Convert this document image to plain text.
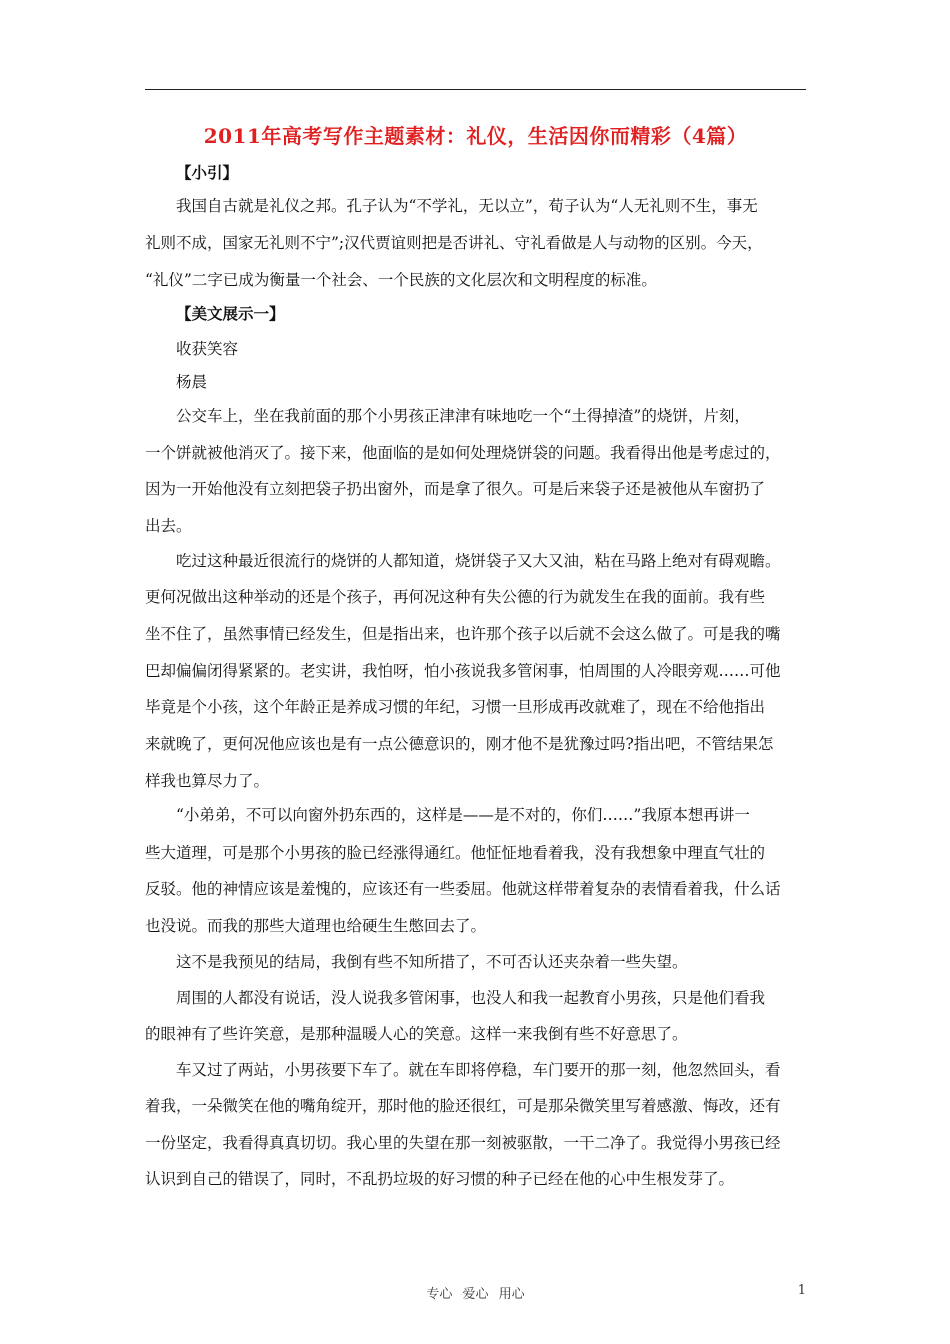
2011年高考写作主题素材：礼仪，生活因你而精彩（4篇）
【小引】
我国自古就是礼仪之邦。孔子认为“不学礼，无以立”，荀子认为“人无礼则不生，事无
礼则不成，国家无礼则不宁”;汉代贾谊则把是否讲礼、守礼看做是人与动物的区别。今天，
“礼仪”二字已成为衡量一个社会、一个民族的文化层次和文明程度的标准。
【美文展示一】
收获笑容
杨晨
公交车上，坐在我前面的那个小男孩正津津有味地吃一个“土得掉渣”的烧饼，片刻，
一个饼就被他消灭了。接下来，他面临的是如何处理烧饼袋的问题。我看得出他是考虑过的，
因为一开始他没有立刻把袋子扔出窗外，而是拿了很久。可是后来袋子还是被他从车窗扔了
出去。
吃过这种最近很流行的烧饼的人都知道，烧饼袋子又大又油，粘在马路上绝对有碍观瞻。
更何况做出这种举动的还是个孩子，再何况这种有失公德的行为就发生在我的面前。我有些
坐不住了，虽然事情已经发生，但是指出来，也许那个孩子以后就不会这么做了。可是我的嘴
巴却偏偏闭得紧紧的。老实讲，我怕呀，怕小孩说我多管闲事，怕周围的人冷眼旁观……可他
毕竟是个小孩，这个年龄正是养成习惯的年纪，习惯一旦形成再改就难了，现在不给他指出
来就晚了，更何况他应该也是有一点公德意识的，刚才他不是犹豫过吗?指出吧，不管结果怎
样我也算尽力了。
“小弟弟，不可以向窗外扔东西的，这样是——是不对的，你们……”我原本想再讲一
些大道理，可是那个小男孩的脸已经涨得通红。他怔怔地看着我，没有我想象中理直气壮的
反驳。他的神情应该是羞愧的，应该还有一些委屈。他就这样带着复杂的表情看着我，什么话
也没说。而我的那些大道理也给硬生生憋回去了。
这不是我预见的结局，我倒有些不知所措了，不可否认还夹杂着一些失望。
周围的人都没有说话，没人说我多管闲事，也没人和我一起教育小男孩，只是他们看我
的眼神有了些许笑意，是那种温暖人心的笑意。这样一来我倒有些不好意思了。
车又过了两站，小男孩要下车了。就在车即将停稳，车门要开的那一刻，他忽然回头，看
着我，一朵微笑在他的嘴角绽开，那时他的脸还很红，可是那朵微笑里写着感激、悔改，还有
一份坚定，我看得真真切切。我心里的失望在那一刻被驱散，一干二净了。我觉得小男孩已经
认识到自己的错误了，同时，不乱扔垃圾的好习惯的种子已经在他的心中生根发芽了。
专心 爱心 用心	1
